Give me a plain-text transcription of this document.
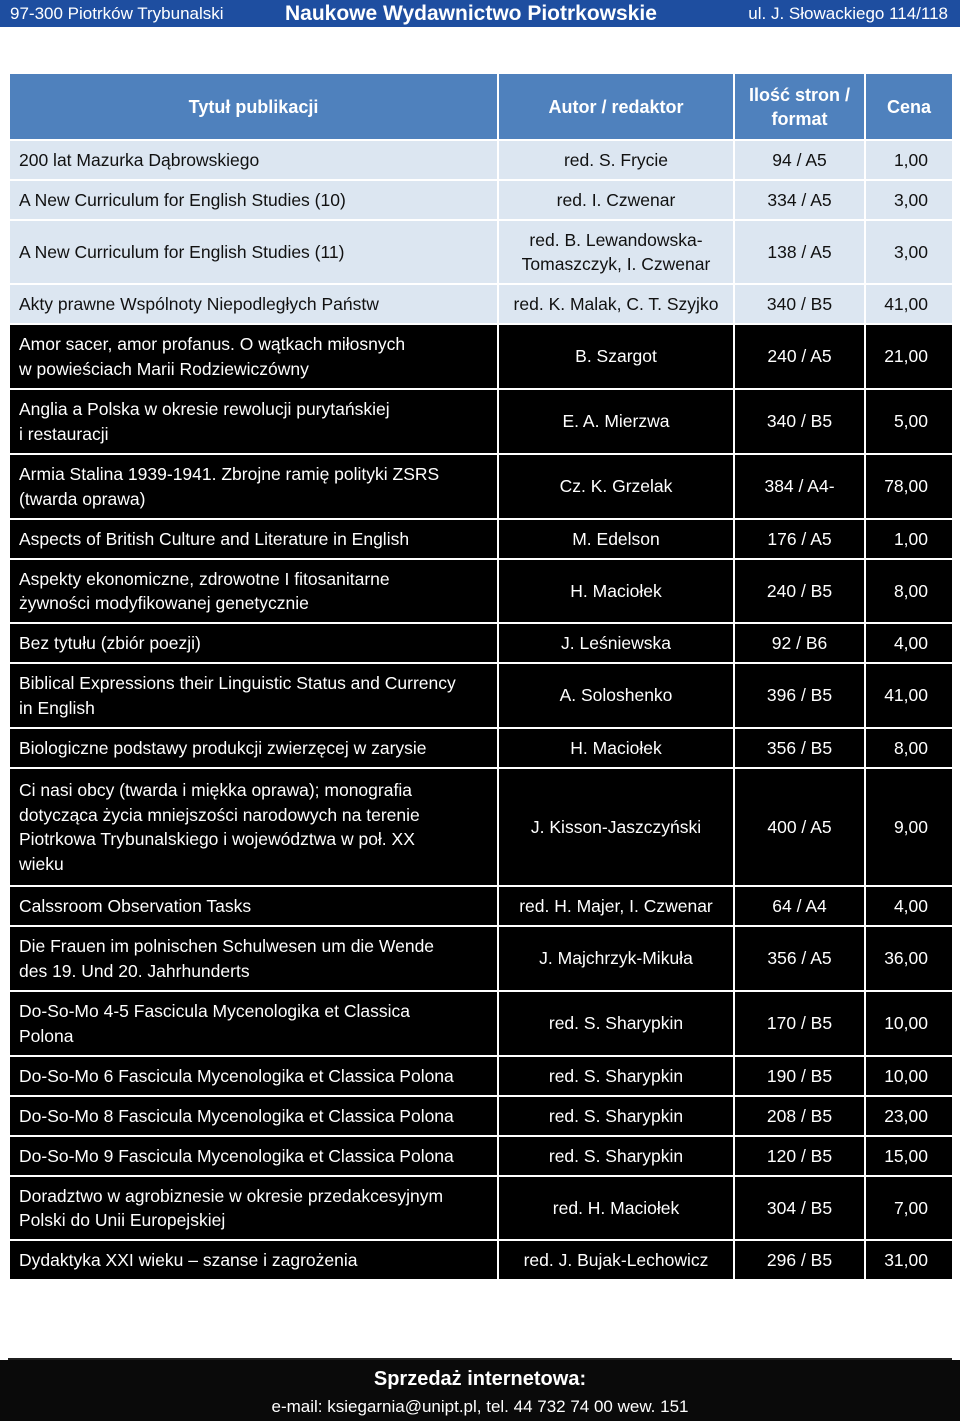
97-300 Piotrków Trybunalski	Naukowe Wydawnictwo Piotrkowskie	ul. J. Słowackiego 114/118
Tytuł publikacji	Autor / redaktor	Ilość stron / format	Cena
200 lat Mazurka Dąbrowskiego	red. S. Frycie	94 / A5	1,00
A New Curriculum for English Studies (10)	red. I. Czwenar	334 / A5	3,00
A New Curriculum for English Studies (11)	red. B. Lewandowska-
Tomaszczyk, I. Czwenar	138 / A5	3,00
Akty prawne Wspólnoty Niepodległych Państw	red. K. Malak, C. T. Szyjko	340 / B5	41,00

Amor sacer, amor profanus. O wątkach miłosnych
w powieściach Marii Rodziewiczówny	B. Szargot	240 / A5	21,00

Anglia a Polska w okresie rewolucji purytańskiej
i restauracji	E. A. Mierzwa	340 / B5	5,00

Armia Stalina 1939-1941. Zbrojne ramię polityki ZSRS
(twarda oprawa)	Cz. K. Grzelak	384 / A4-	78,00
Aspects of British Culture and Literature in English	M. Edelson	176 / A5	1,00

Aspekty ekonomiczne, zdrowotne I fitosanitarne
żywności modyfikowanej genetycznie	H. Maciołek	240 / B5	8,00
Bez tytułu (zbiór poezji)	J. Leśniewska	92 / B6	4,00

Biblical Expressions their Linguistic Status and Currency
in English	A. Soloshenko	396 / B5	41,00
Biologiczne podstawy produkcji zwierzęcej w zarysie	H. Maciołek	356 / B5	8,00

Ci nasi obcy (twarda i miękka oprawa); monografia
dotycząca życia mniejszości narodowych na terenie
Piotrkowa Trybunalskiego i województwa w poł. XX
wieku	J. Kisson-Jaszczyński	400 / A5	9,00
Calssroom Observation Tasks	red. H. Majer, I. Czwenar	64 / A4	4,00

Die Frauen im polnischen Schulwesen um die Wende
des 19. Und 20. Jahrhunderts	J. Majchrzyk-Mikuła	356 / A5	36,00

Do-So-Mo 4-5 Fascicula Mycenologika et Classica
Polona	red. S. Sharypkin	170 / B5	10,00
Do-So-Mo 6 Fascicula Mycenologika et Classica Polona	red. S. Sharypkin	190 / B5	10,00
Do-So-Mo 8 Fascicula Mycenologika et Classica Polona	red. S. Sharypkin	208 / B5	23,00
Do-So-Mo 9 Fascicula Mycenologika et Classica Polona	red. S. Sharypkin	120 / B5	15,00

Doradztwo w agrobiznesie w okresie przedakcesyjnym
Polski do Unii Europejskiej	red. H. Maciołek	304 / B5	7,00
Dydaktyka XXI wieku – szanse i zagrożenia	red. J. Bujak-Lechowicz	296 / B5	31,00
Sprzedaż internetowa:
e-mail: ksiegarnia@unipt.pl, tel. 44 732 74 00 wew. 151
